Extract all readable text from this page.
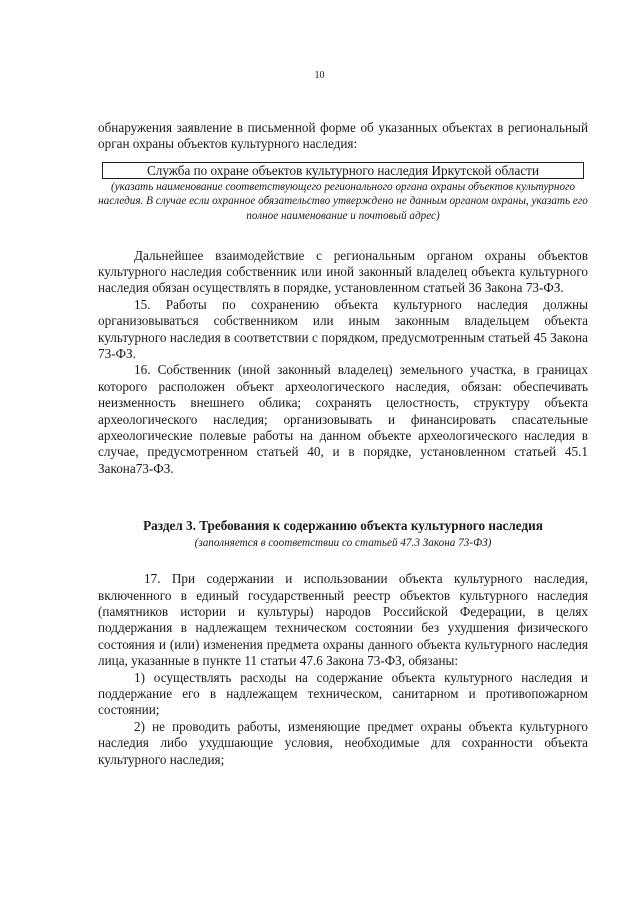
10

обнаружения заявление в письменной форме об указанных объектах в региональный орган охраны объектов культурного наследия:

Служба по охране объектов культурного наследия Иркутской области

(указать наименование соответствующего регионального органа охраны объектов культурного наследия. В случае если охранное обязательство утверждено не данным органом охраны, указать его полное наименование и почтовый адрес)

Дальнейшее взаимодействие с региональным органом охраны объектов культурного наследия собственник или иной законный владелец объекта культурного наследия обязан осуществлять в порядке, установленном статьей 36 Закона 73-ФЗ.

15. Работы по сохранению объекта культурного наследия должны организовываться собственником или иным законным владельцем объекта культурного наследия в соответствии с порядком, предусмотренным статьей 45 Закона 73-ФЗ.

16. Собственник (иной законный владелец) земельного участка, в границах которого расположен объект археологического наследия, обязан: обеспечивать неизменность внешнего облика; сохранять целостность, структуру объекта археологического наследия; организовывать и финансировать спасательные археологические полевые работы на данном объекте археологического наследия в случае, предусмотренном статьей 40, и в порядке, установленном статьей 45.1 Закона73-ФЗ.

Раздел 3. Требования к содержанию объекта культурного наследия
(заполняется в соответствии со статьей 47.3 Закона 73-ФЗ)

17. При содержании и использовании объекта культурного наследия, включенного в единый государственный реестр объектов культурного наследия (памятников истории и культуры) народов Российской Федерации, в целях поддержания в надлежащем техническом состоянии без ухудшения физического состояния и (или) изменения предмета охраны данного объекта культурного наследия лица, указанные в пункте 11 статьи 47.6 Закона 73-ФЗ, обязаны:

1) осуществлять расходы на содержание объекта культурного наследия и поддержание его в надлежащем техническом, санитарном и противопожарном состоянии;

2) не проводить работы, изменяющие предмет охраны объекта культурного наследия либо ухудшающие условия, необходимые для сохранности объекта культурного наследия;
